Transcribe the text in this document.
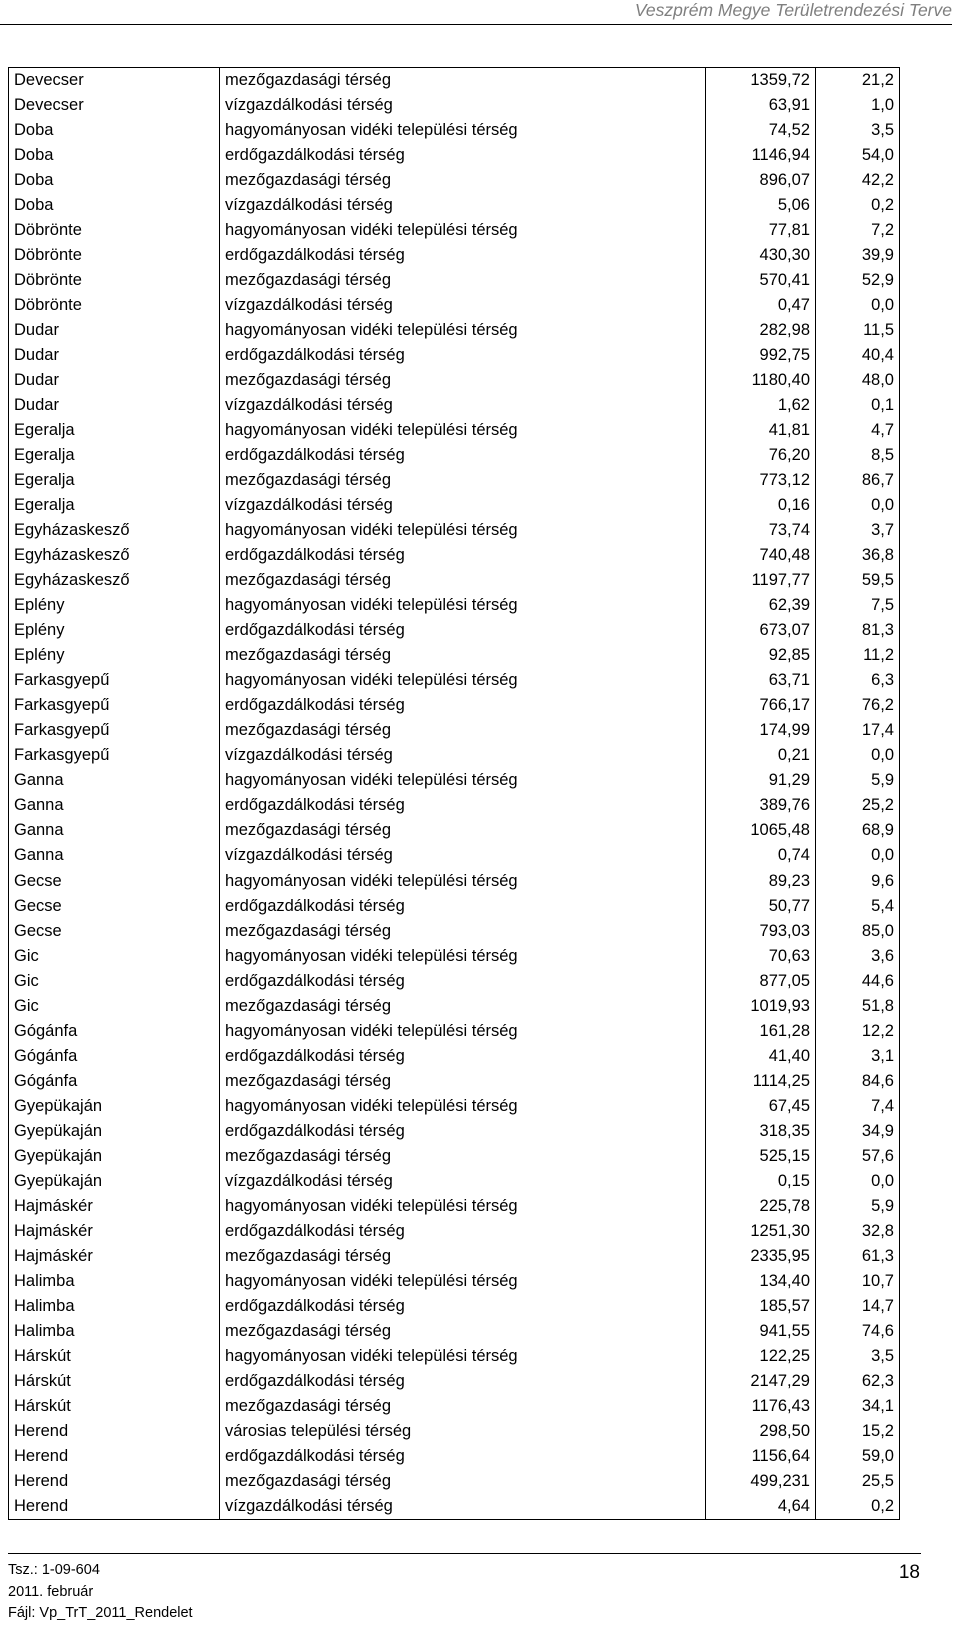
Veszprém Megye Területrendezési Terve
Devecser	mezőgazdasági térség	1359,72	21,2
Devecser	vízgazdálkodási térség	63,91	1,0
Doba	hagyományosan vidéki települési térség	74,52	3,5
Doba	erdőgazdálkodási térség	1146,94	54,0
Doba	mezőgazdasági térség	896,07	42,2
Doba	vízgazdálkodási térség	5,06	0,2
Döbrönte	hagyományosan vidéki települési térség	77,81	7,2
Döbrönte	erdőgazdálkodási térség	430,30	39,9
Döbrönte	mezőgazdasági térség	570,41	52,9
Döbrönte	vízgazdálkodási térség	0,47	0,0
Dudar	hagyományosan vidéki települési térség	282,98	11,5
Dudar	erdőgazdálkodási térség	992,75	40,4
Dudar	mezőgazdasági térség	1180,40	48,0
Dudar	vízgazdálkodási térség	1,62	0,1
Egeralja	hagyományosan vidéki települési térség	41,81	4,7
Egeralja	erdőgazdálkodási térség	76,20	8,5
Egeralja	mezőgazdasági térség	773,12	86,7
Egeralja	vízgazdálkodási térség	0,16	0,0
Egyházaskesző	hagyományosan vidéki települési térség	73,74	3,7
Egyházaskesző	erdőgazdálkodási térség	740,48	36,8
Egyházaskesző	mezőgazdasági térség	1197,77	59,5
Eplény	hagyományosan vidéki települési térség	62,39	7,5
Eplény	erdőgazdálkodási térség	673,07	81,3
Eplény	mezőgazdasági térség	92,85	11,2
Farkasgyepű	hagyományosan vidéki települési térség	63,71	6,3
Farkasgyepű	erdőgazdálkodási térség	766,17	76,2
Farkasgyepű	mezőgazdasági térség	174,99	17,4
Farkasgyepű	vízgazdálkodási térség	0,21	0,0
Ganna	hagyományosan vidéki települési térség	91,29	5,9
Ganna	erdőgazdálkodási térség	389,76	25,2
Ganna	mezőgazdasági térség	1065,48	68,9
Ganna	vízgazdálkodási térség	0,74	0,0
Gecse	hagyományosan vidéki települési térség	89,23	9,6
Gecse	erdőgazdálkodási térség	50,77	5,4
Gecse	mezőgazdasági térség	793,03	85,0
Gic	hagyományosan vidéki települési térség	70,63	3,6
Gic	erdőgazdálkodási térség	877,05	44,6
Gic	mezőgazdasági térség	1019,93	51,8
Gógánfa	hagyományosan vidéki települési térség	161,28	12,2
Gógánfa	erdőgazdálkodási térség	41,40	3,1
Gógánfa	mezőgazdasági térség	1114,25	84,6
Gyepükaján	hagyományosan vidéki települési térség	67,45	7,4
Gyepükaján	erdőgazdálkodási térség	318,35	34,9
Gyepükaján	mezőgazdasági térség	525,15	57,6
Gyepükaján	vízgazdálkodási térség	0,15	0,0
Hajmáskér	hagyományosan vidéki települési térség	225,78	5,9
Hajmáskér	erdőgazdálkodási térség	1251,30	32,8
Hajmáskér	mezőgazdasági térség	2335,95	61,3
Halimba	hagyományosan vidéki települési térség	134,40	10,7
Halimba	erdőgazdálkodási térség	185,57	14,7
Halimba	mezőgazdasági térség	941,55	74,6
Hárskút	hagyományosan vidéki települési térség	122,25	3,5
Hárskút	erdőgazdálkodási térség	2147,29	62,3
Hárskút	mezőgazdasági térség	1176,43	34,1
Herend	városias települési térség	298,50	15,2
Herend	erdőgazdálkodási térség	1156,64	59,0
Herend	mezőgazdasági térség	499,231	25,5
Herend	vízgazdálkodási térség	4,64	0,2
Tsz.: 1-09-604
2011. február
Fájl: Vp_TrT_2011_Rendelet
18
